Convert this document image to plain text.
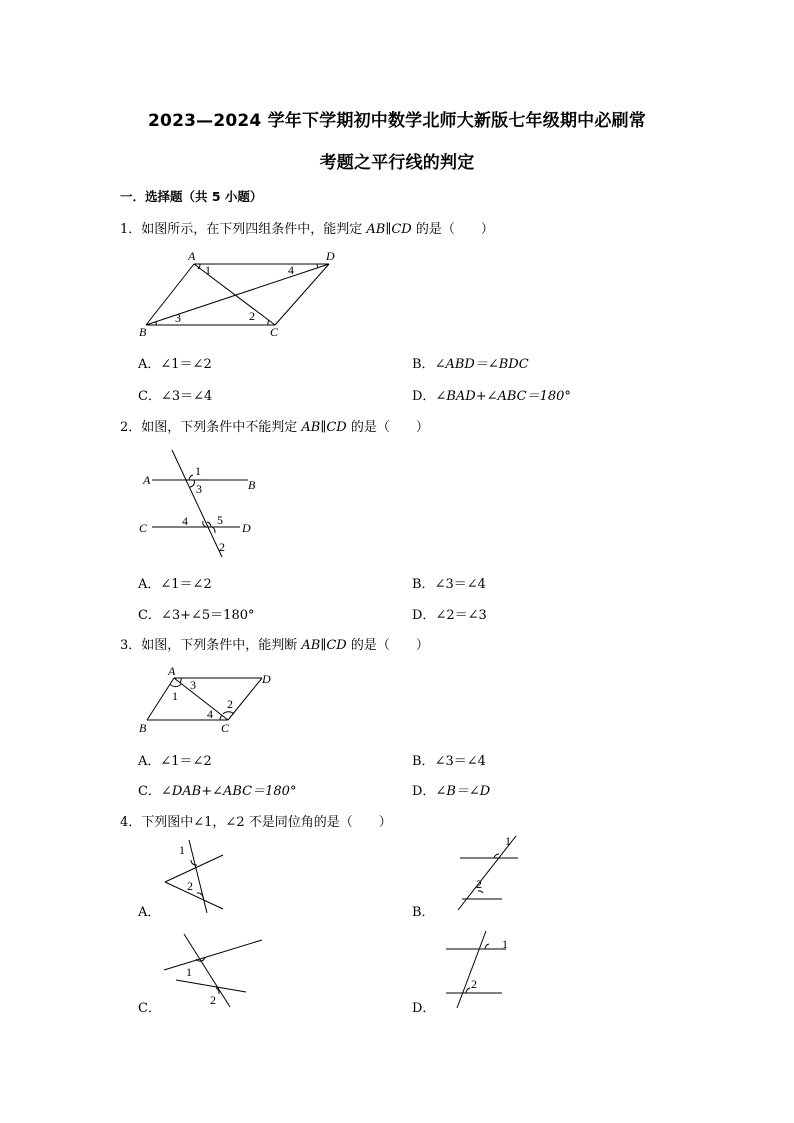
2023—2024 学年下学期初中数学北师大新版七年级期中必刷常
考题之平行线的判定
一．选择题（共 5 小题）
1．如图所示，在下列四组条件中，能判定 AB∥CD 的是（　　）
A	D
B	C
1
2
3
4
A．∠1＝∠2	B．∠ABD＝∠BDC
C．∠3＝∠4	D．∠BAD+∠ABC＝180°
2．如图，下列条件中不能判定 AB∥CD 的是（　　）
A	B
C	D
1
3
4 5
2
A．∠1＝∠2	B．∠3＝∠4
C．∠3+∠5＝180°	D．∠2＝∠3
3．如图，下列条件中，能判断 AB∥CD 的是（　　）
A
D
B	C
1
3
4
2
A．∠1＝∠2	B．∠3＝∠4
C．∠DAB+∠ABC＝180°	D．∠B＝∠D
4．下列图中∠1，∠2 不是同位角的是（　　）
A．
1
2
B．
1
2
C．
1
2
D．
1
2
